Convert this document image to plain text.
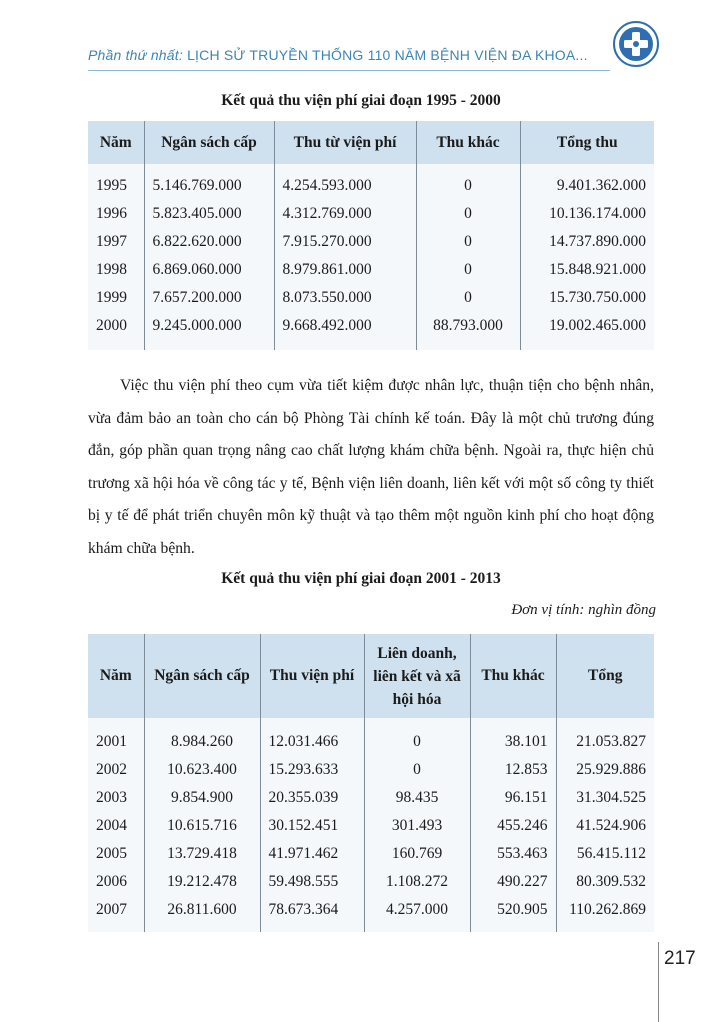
Phần thứ nhất: LỊCH SỬ TRUYỀN THỐNG 110 NĂM BỆNH VIỆN ĐA KHOA...
Kết quả thu viện phí giai đoạn 1995 - 2000
Năm	Ngân sách cấp	Thu từ viện phí	Thu khác	Tổng thu
1995	5.146.769.000	4.254.593.000	0	9.401.362.000
1996	5.823.405.000	4.312.769.000	0	10.136.174.000
1997	6.822.620.000	7.915.270.000	0	14.737.890.000
1998	6.869.060.000	8.979.861.000	0	15.848.921.000
1999	7.657.200.000	8.073.550.000	0	15.730.750.000
2000	9.245.000.000	9.668.492.000	88.793.000	19.002.465.000

Việc thu viện phí theo cụm vừa tiết kiệm được nhân lực, thuận tiện cho bệnh nhân, vừa đảm bảo an toàn cho cán bộ Phòng Tài chính kế toán. Đây là một chủ trương đúng đắn, góp phần quan trọng nâng cao chất lượng khám chữa bệnh. Ngoài ra, thực hiện chủ trương xã hội hóa về công tác y tế, Bệnh viện liên doanh, liên kết với một số công ty thiết bị y tế để phát triển chuyên môn kỹ thuật và tạo thêm một nguồn kinh phí cho hoạt động khám chữa bệnh.

Kết quả thu viện phí giai đoạn 2001 - 2013
Đơn vị tính: nghìn đồng
Năm	Ngân sách cấp	Thu viện phí	Liên doanh, liên kết và xã hội hóa	Thu khác	Tổng
2001	8.984.260	12.031.466	0	38.101	21.053.827
2002	10.623.400	15.293.633	0	12.853	25.929.886
2003	9.854.900	20.355.039	98.435	96.151	31.304.525
2004	10.615.716	30.152.451	301.493	455.246	41.524.906
2005	13.729.418	41.971.462	160.769	553.463	56.415.112
2006	19.212.478	59.498.555	1.108.272	490.227	80.309.532
2007	26.811.600	78.673.364	4.257.000	520.905	110.262.869
217
